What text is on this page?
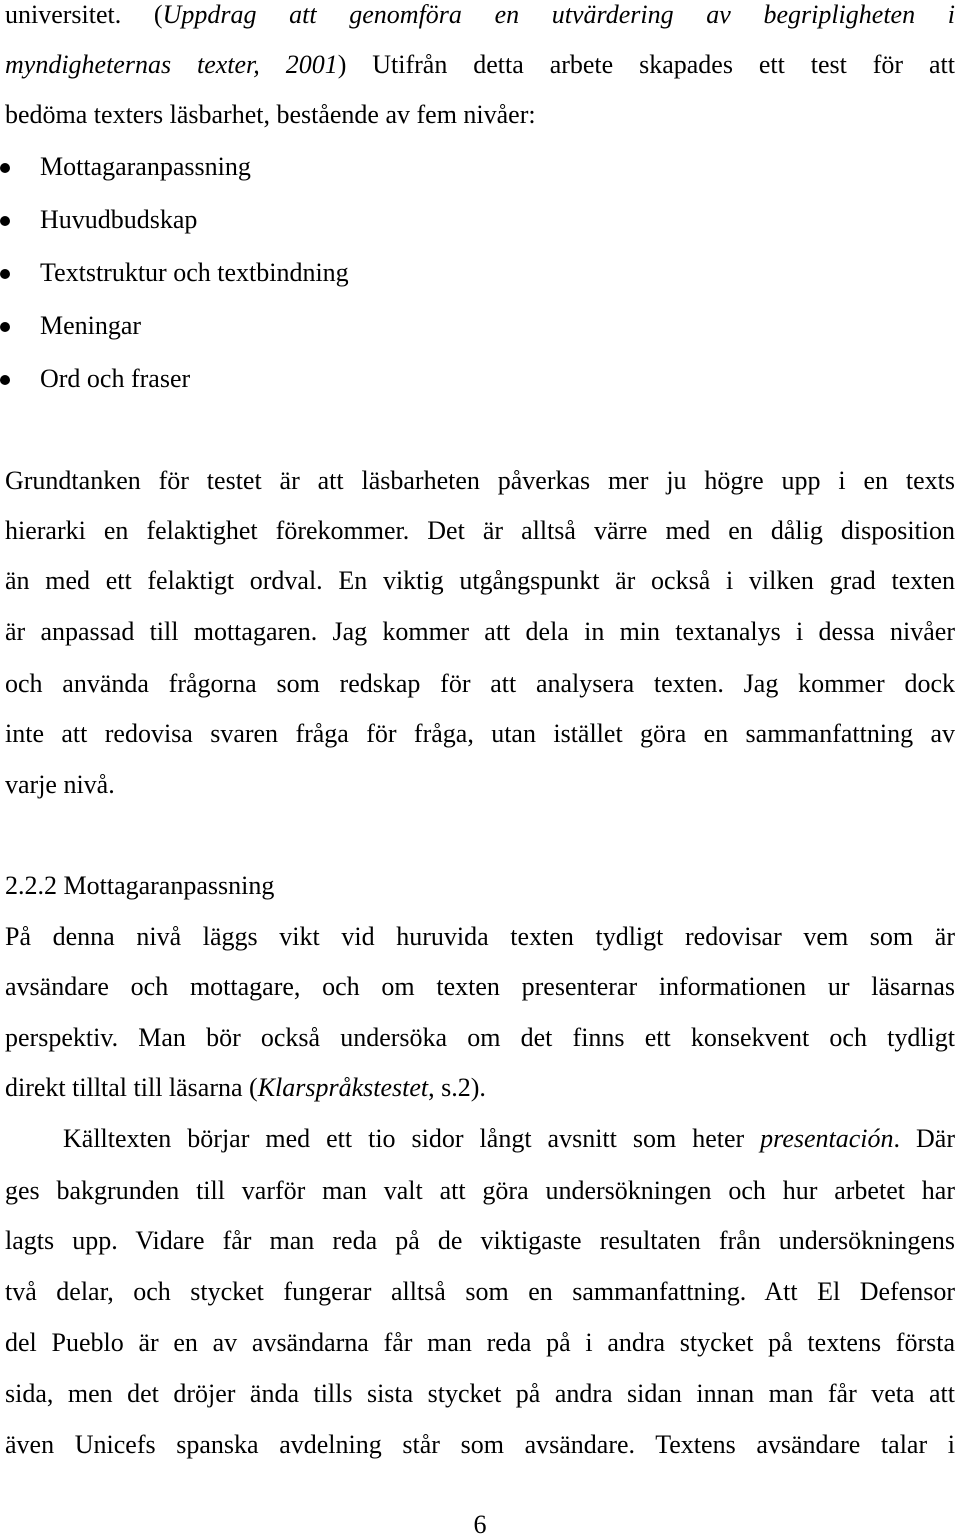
universitet. (Uppdrag att genomföra en utvärdering av begripligheten i
myndigheternas texter, 2001) Utifrån detta arbete skapades ett test för att
bedöma texters läsbarhet, bestående av fem nivåer:
Mottagaranpassning
Huvudbudskap
Textstruktur och textbindning
Meningar
Ord och fraser
Grundtanken för testet är att läsbarheten påverkas mer ju högre upp i en texts
hierarki en felaktighet förekommer. Det är alltså värre med en dålig disposition
än med ett felaktigt ordval. En viktig utgångspunkt är också i vilken grad texten
är anpassad till mottagaren. Jag kommer att dela in min textanalys i dessa nivåer
och använda frågorna som redskap för att analysera texten. Jag kommer dock
inte att redovisa svaren fråga för fråga, utan istället göra en sammanfattning av
varje nivå.
2.2.2 Mottagaranpassning
På denna nivå läggs vikt vid huruvida texten tydligt redovisar vem som är
avsändare och mottagare, och om texten presenterar informationen ur läsarnas
perspektiv. Man bör också undersöka om det finns ett konsekvent och tydligt
direkt tilltal till läsarna (Klarspråkstestet, s.2).
Källtexten börjar med ett tio sidor långt avsnitt som heter presentación. Där
ges bakgrunden till varför man valt att göra undersökningen och hur arbetet har
lagts upp. Vidare får man reda på de viktigaste resultaten från undersökningens
två delar, och stycket fungerar alltså som en sammanfattning. Att El Defensor
del Pueblo är en av avsändarna får man reda på i andra stycket på textens första
sida, men det dröjer ända tills sista stycket på andra sidan innan man får veta att
även Unicefs spanska avdelning står som avsändare. Textens avsändare talar i
6
